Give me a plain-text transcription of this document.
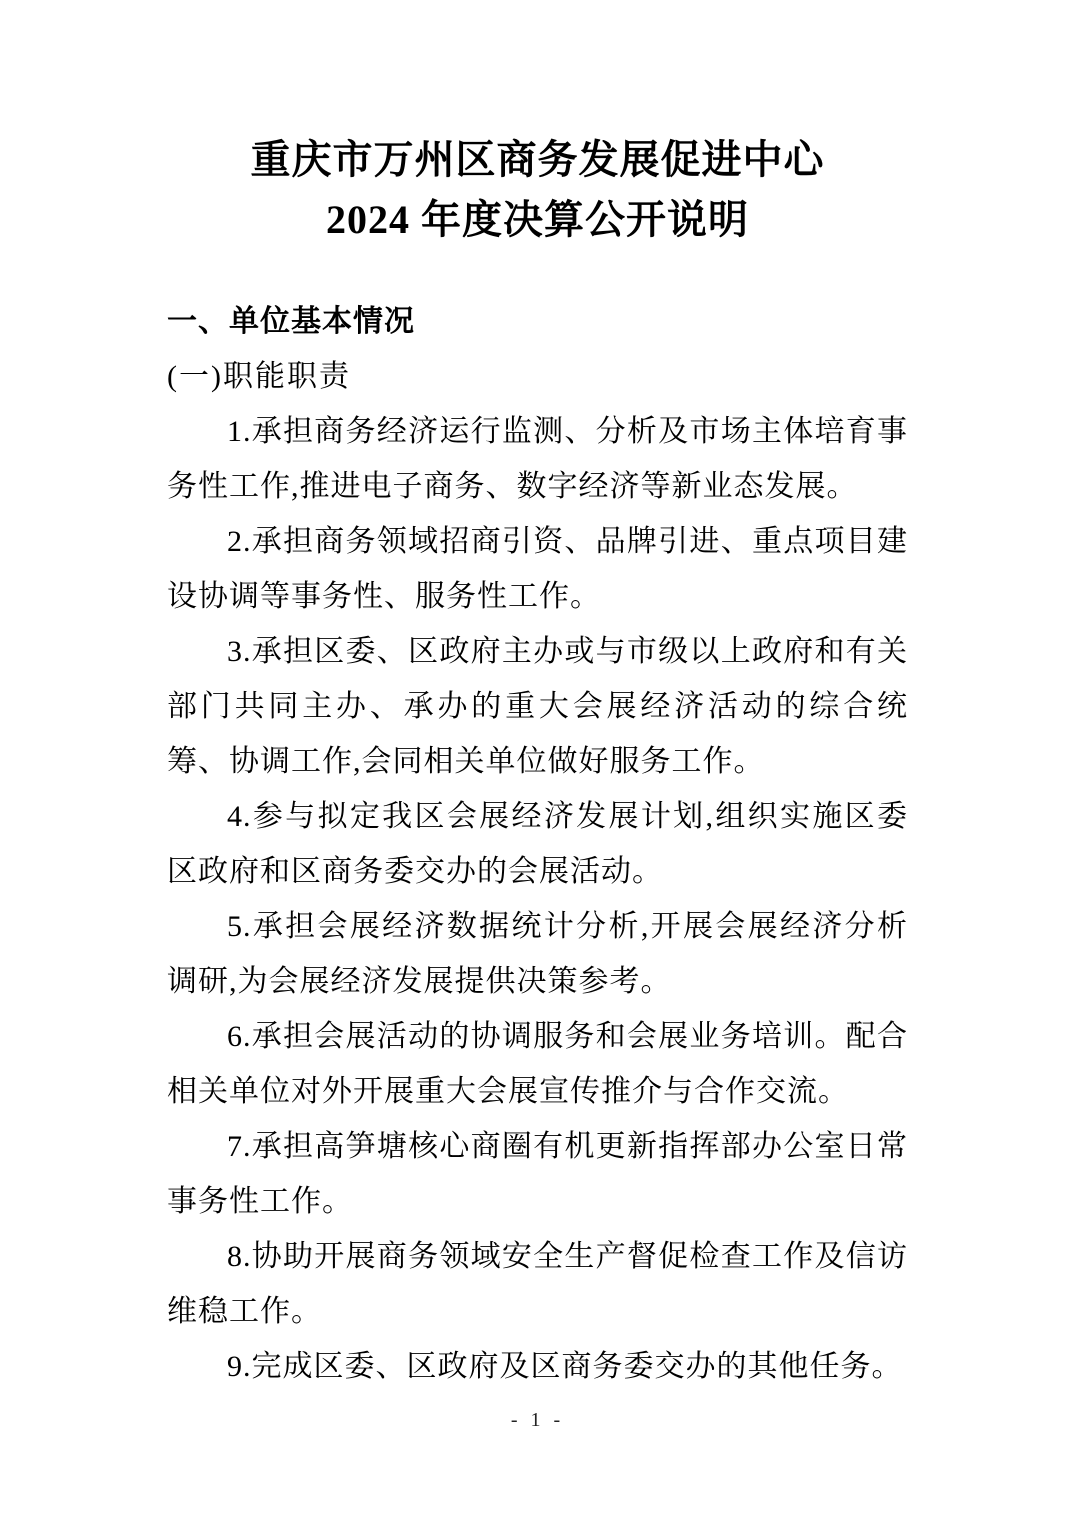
重庆市万州区商务发展促进中心
2024 年度决算公开说明
一、单位基本情况
(一)职能职责

1.承担商务经济运行监测、分析及市场主体培育事务性工作,推进电子商务、数字经济等新业态发展。

2.承担商务领域招商引资、品牌引进、重点项目建设协调等事务性、服务性工作。

3.承担区委、区政府主办或与市级以上政府和有关部门共同主办、承办的重大会展经济活动的综合统筹、协调工作,会同相关单位做好服务工作。

4.参与拟定我区会展经济发展计划,组织实施区委区政府和区商务委交办的会展活动。

5.承担会展经济数据统计分析,开展会展经济分析调研,为会展经济发展提供决策参考。

6.承担会展活动的协调服务和会展业务培训。配合相关单位对外开展重大会展宣传推介与合作交流。

7.承担高笋塘核心商圈有机更新指挥部办公室日常事务性工作。

8.协助开展商务领域安全生产督促检查工作及信访维稳工作。

9.完成区委、区政府及区商务委交办的其他任务。

- 1 -
